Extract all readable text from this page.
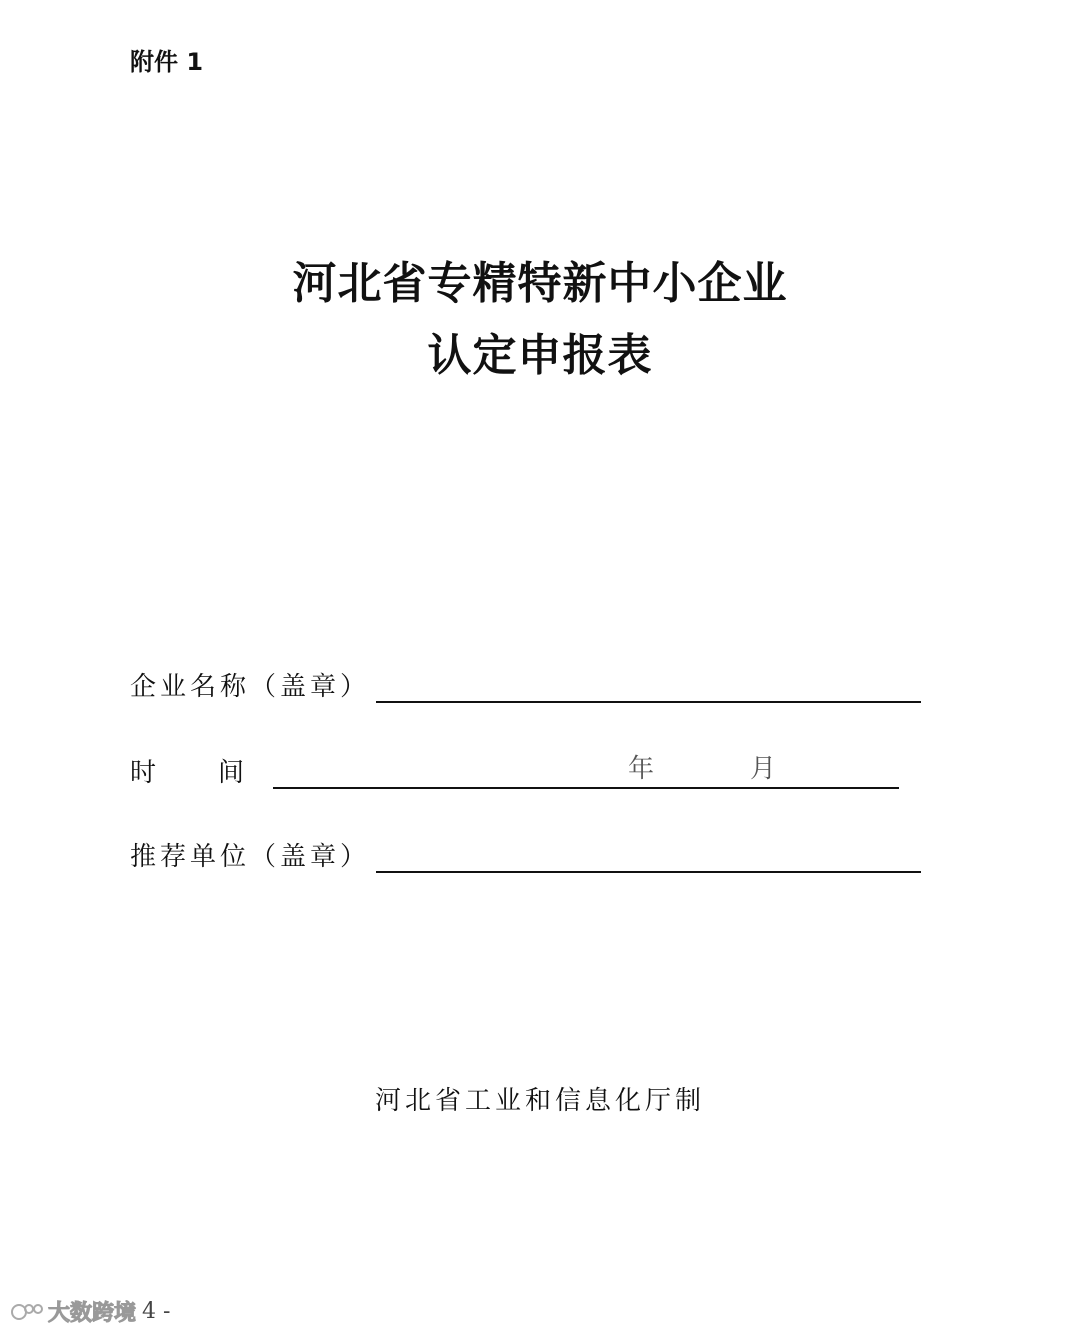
附件 1
河北省专精特新中小企业
认定申报表
企业名称（盖章）
时	间	年	月
推荐单位（盖章）
河北省工业和信息化厅制
大数跨境 4 -
